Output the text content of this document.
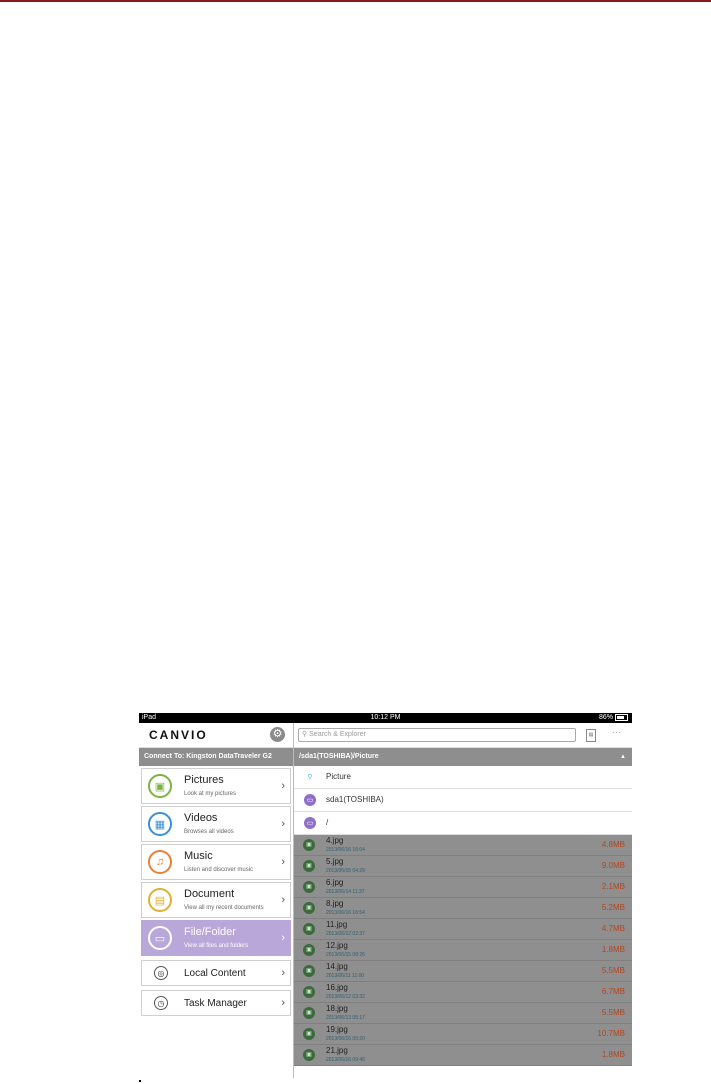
iPad	10:12 PM	86%
CANVIO	⚙
Connect To: Kingston DataTraveler G2
▣
Pictures
Look at my pictures
›
▦
Videos
Browses all videos
›
♫	Music
Listen and discover music
›
▤
Document
View all my recent documents
›
▭
File/Folder
View all files and folders
›
◎	Local Content	›
◷	Task Manager	›
⚲ Search & Explorer	▤ ···
/sda1(TOSHIBA)/Picture	▲
⚲	Picture
▭	sda1(TOSHIBA)
▭	/
▣	4.jpg
2013/06/16 16:04
4.8MB
▣	5.jpg
2013/06/15 04:29
9.0MB
▣	6.jpg
2013/06/14 11:37
2.1MB
▣	8.jpg
2013/06/16 16:54
5.2MB
▣	11.jpg
2013/06/12 02:37
4.7MB
▣	12.jpg
2013/06/15 08:26
1.8MB
▣	14.jpg
2013/06/11 11:00
5.5MB
▣	16.jpg
2013/06/12 03:32
6.7MB
▣	18.jpg
2013/06/13 05:17
5.5MB
▣	19.jpg
2013/06/16 05:20
10.7MB
▣	21.jpg
2013/06/16 09:46
1.8MB
